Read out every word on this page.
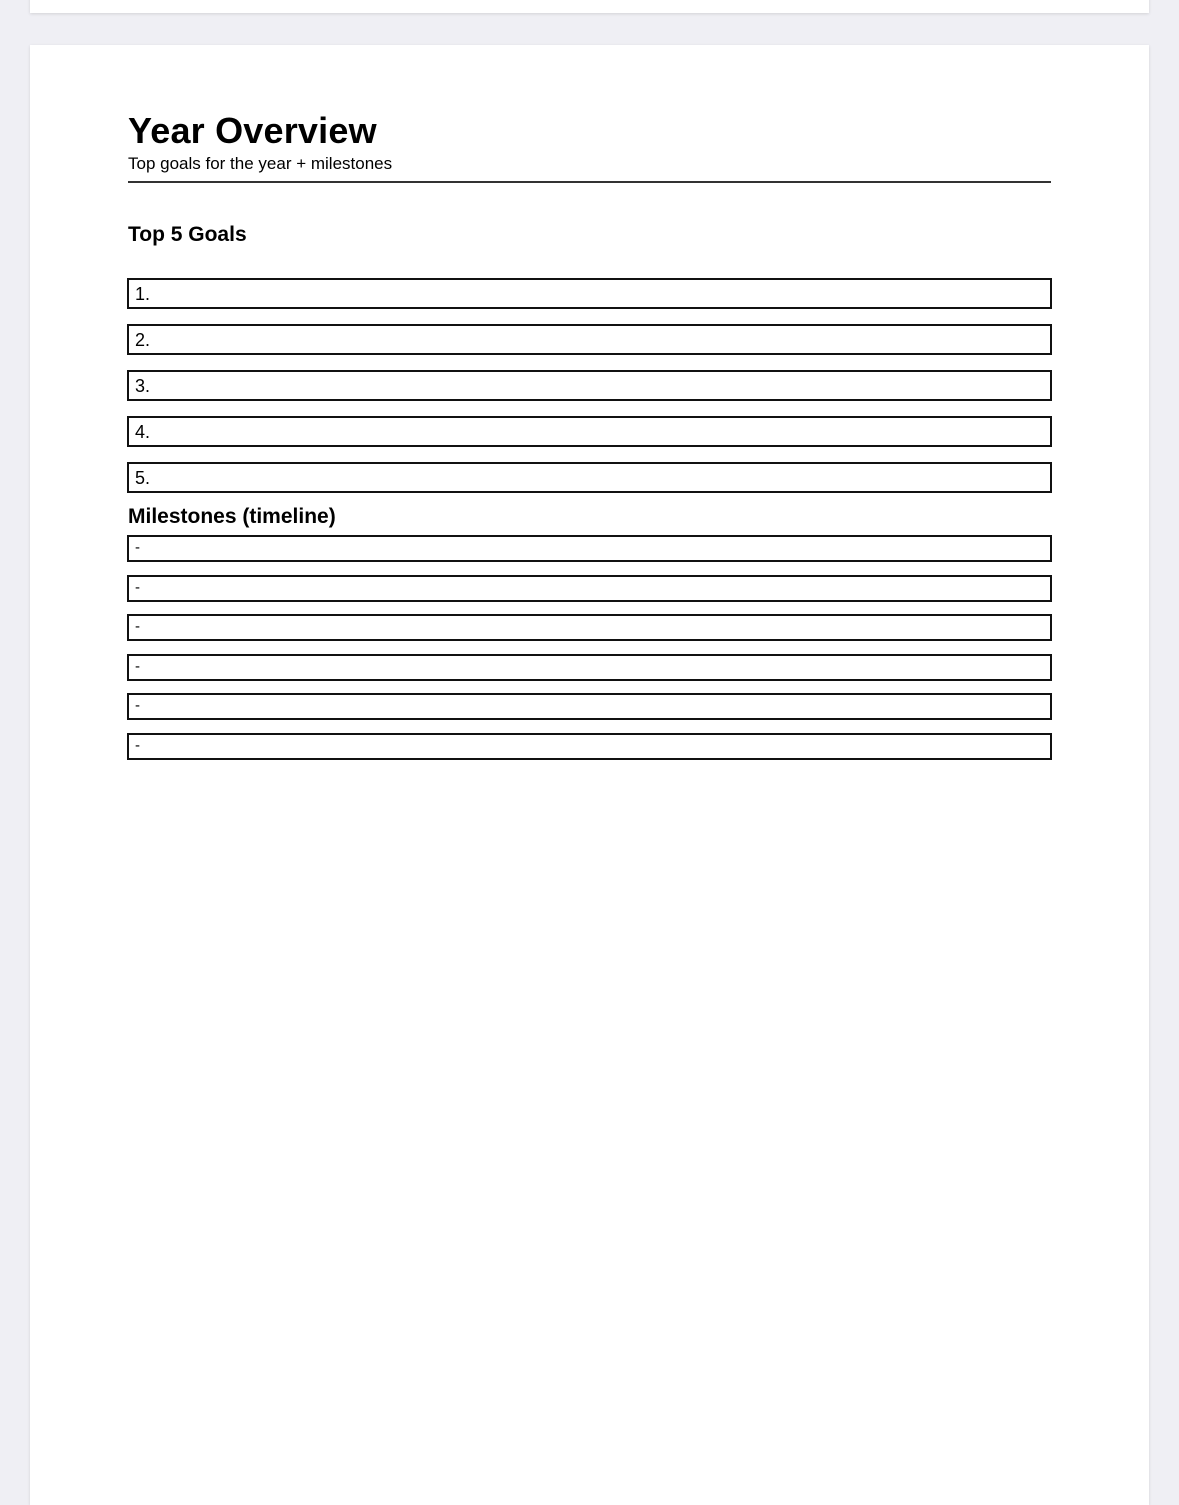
Year Overview

Top goals for the year + milestones

Top 5 Goals
1.
2.
3.
4.
5.
Milestones (timeline)
-
-
-
-
-
-
